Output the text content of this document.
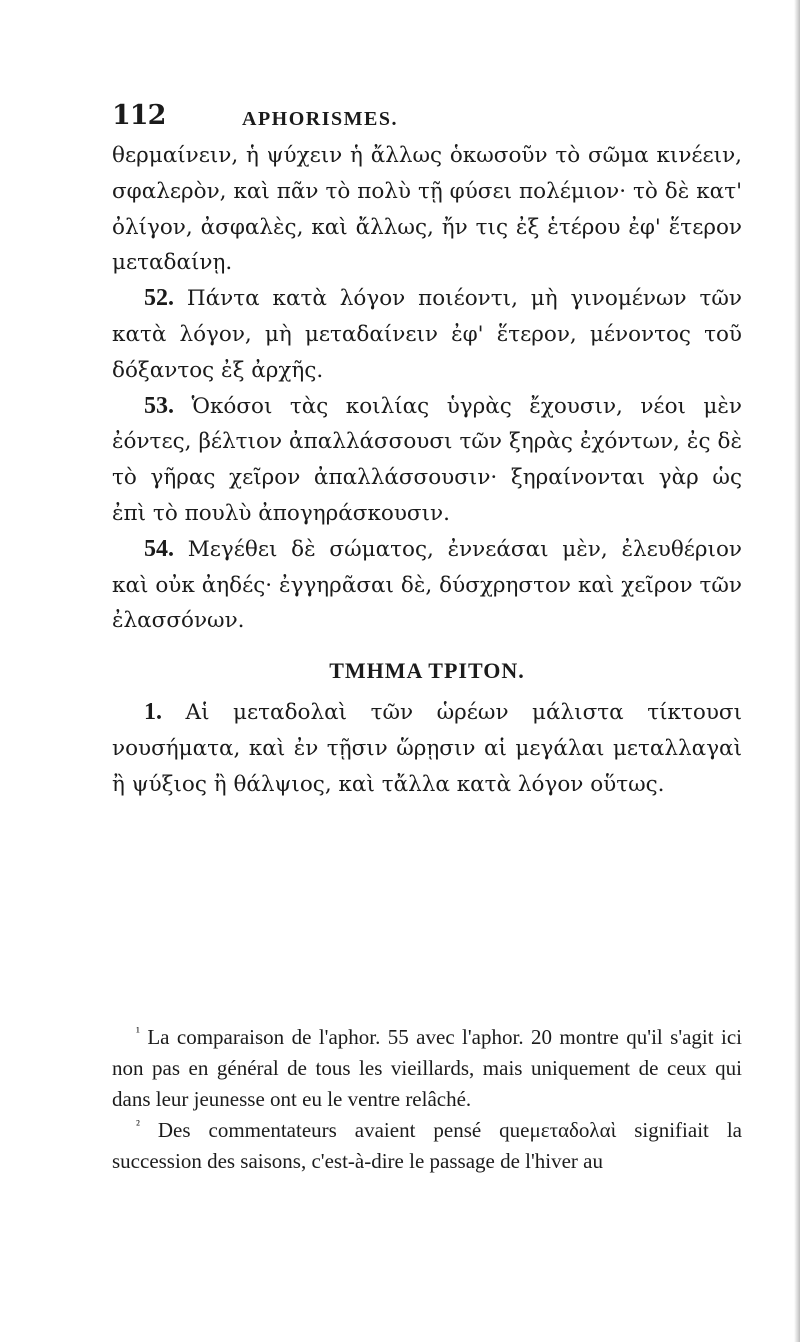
112	APHORISMES.

θερμαίνειν, ἡ ψύχειν ἡ ἄλλως ὁκωσοῦν τὸ σῶμα κινέειν, σφαλερὸν, καὶ πᾶν τὸ πολὺ τῇ φύσει πολέμιον· τὸ δὲ κατ' ὀλίγον, ἀσφαλὲς, καὶ ἄλλως, ἤν τις ἐξ ἑτέρου ἐφ' ἕτερον μεταδαίνῃ.

52. Πάντα κατὰ λόγον ποιέοντι, μὴ γινομένων τῶν κατὰ λόγον, μὴ μεταδαίνειν ἐφ' ἕτερον, μένοντος τοῦ δόξαντος ἐξ ἀρχῆς.

53. Ὁκόσοι τὰς κοιλίας ὑγρὰς ἔχουσιν, νέοι μὲν ἐόντες, βέλτιον ἀπαλλάσσουσι τῶν ξηρὰς ἐχόντων, ἐς δὲ τὸ γῆρας χεῖρον ἀπαλλάσσουσιν· ξηραίνονται γὰρ ὡς ἐπὶ τὸ πουλὺ ἀπογηράσκουσιν.

54. Μεγέθει δὲ σώματος, ἐννεάσαι μὲν, ἐλευθέριον καὶ οὐκ ἀηδές· ἐγγηρᾶσαι δὲ, δύσχρηστον καὶ χεῖρον τῶν ἐλασσόνων.

ΤΜΗΜΑ ΤΡΙΤΟΝ.

1. Αἱ μεταδολαὶ τῶν ὡρέων μάλιστα τίκτουσι νουσήματα, καὶ ἐν τῇσιν ὥρῃσιν αἱ μεγάλαι μεταλλαγαὶ ἢ ψύξιος ἢ θάλψιος, καὶ τἄλλα κατὰ λόγον οὕτως.

$^{^1}$ La comparaison de l'aphor. 55 avec l'aphor. 20 montre qu'il s'agit ici non pas en général de tous les vieillards, mais uniquement de ceux qui dans leur jeunesse ont eu le ventre relâché.

$^{^2}$ Des commentateurs avaient pensé queμεταδολαὶ signifiait la succession des saisons, c'est-à-dire le passage de l'hiver au
